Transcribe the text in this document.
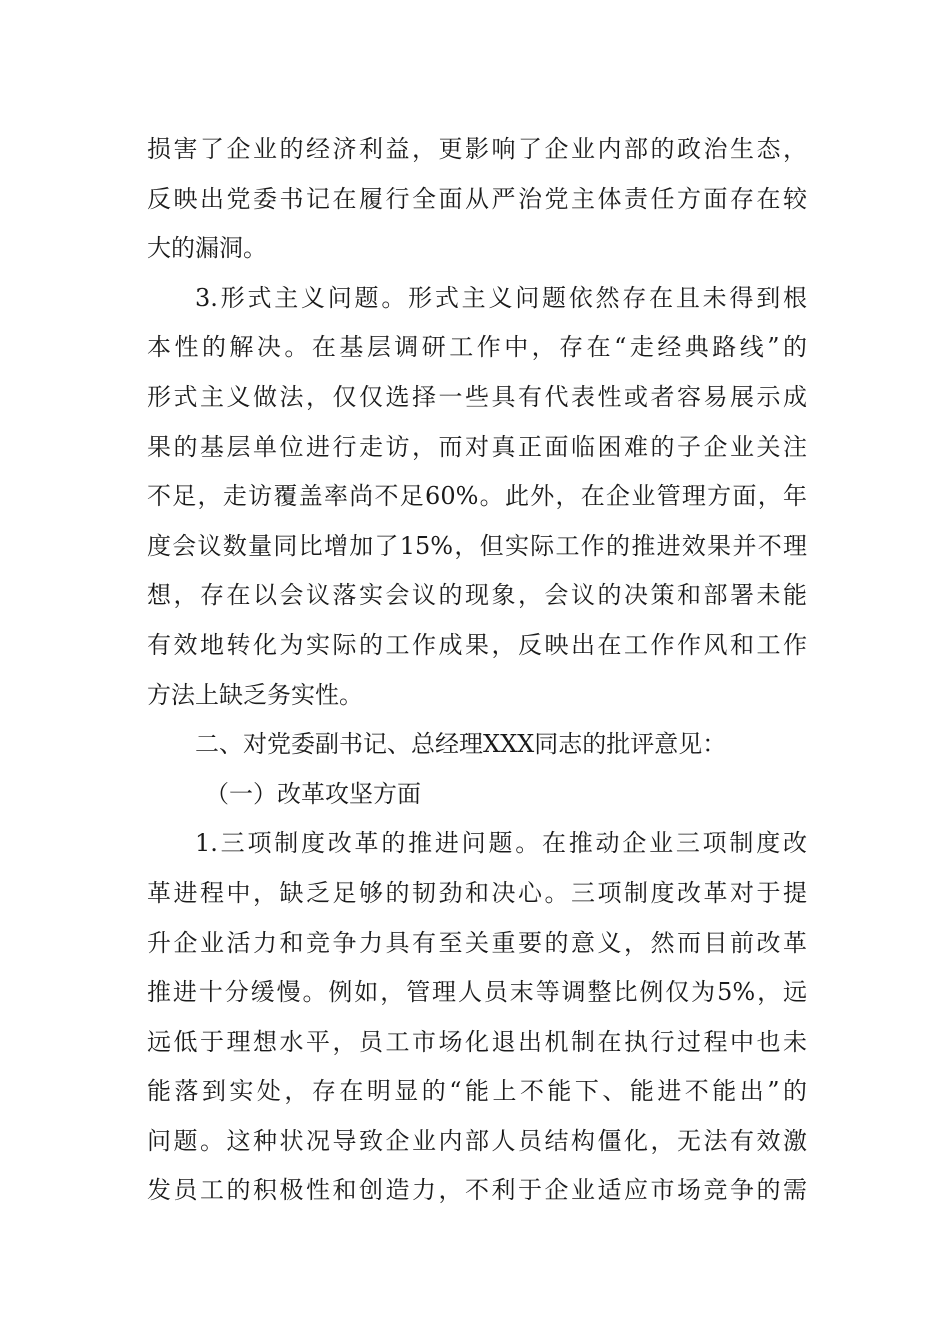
损害了企业的经济利益，更影响了企业内部的政治生态，
反映出党委书记在履行全面从严治党主体责任方面存在较
大的漏洞。
3.形式主义问题。形式主义问题依然存在且未得到根
本性的解决。在基层调研工作中，存在“走经典路线”的
形式主义做法，仅仅选择一些具有代表性或者容易展示成
果的基层单位进行走访，而对真正面临困难的子企业关注
不足，走访覆盖率尚不足60%。此外，在企业管理方面，年
度会议数量同比增加了15%，但实际工作的推进效果并不理
想，存在以会议落实会议的现象，会议的决策和部署未能
有效地转化为实际的工作成果，反映出在工作作风和工作
方法上缺乏务实性。
二、对党委副书记、总经理XXX同志的批评意见：
（一）改革攻坚方面
1.三项制度改革的推进问题。在推动企业三项制度改
革进程中，缺乏足够的韧劲和决心。三项制度改革对于提
升企业活力和竞争力具有至关重要的意义，然而目前改革
推进十分缓慢。例如，管理人员末等调整比例仅为5%，远
远低于理想水平，员工市场化退出机制在执行过程中也未
能落到实处，存在明显的“能上不能下、能进不能出”的
问题。这种状况导致企业内部人员结构僵化，无法有效激
发员工的积极性和创造力，不利于企业适应市场竞争的需
